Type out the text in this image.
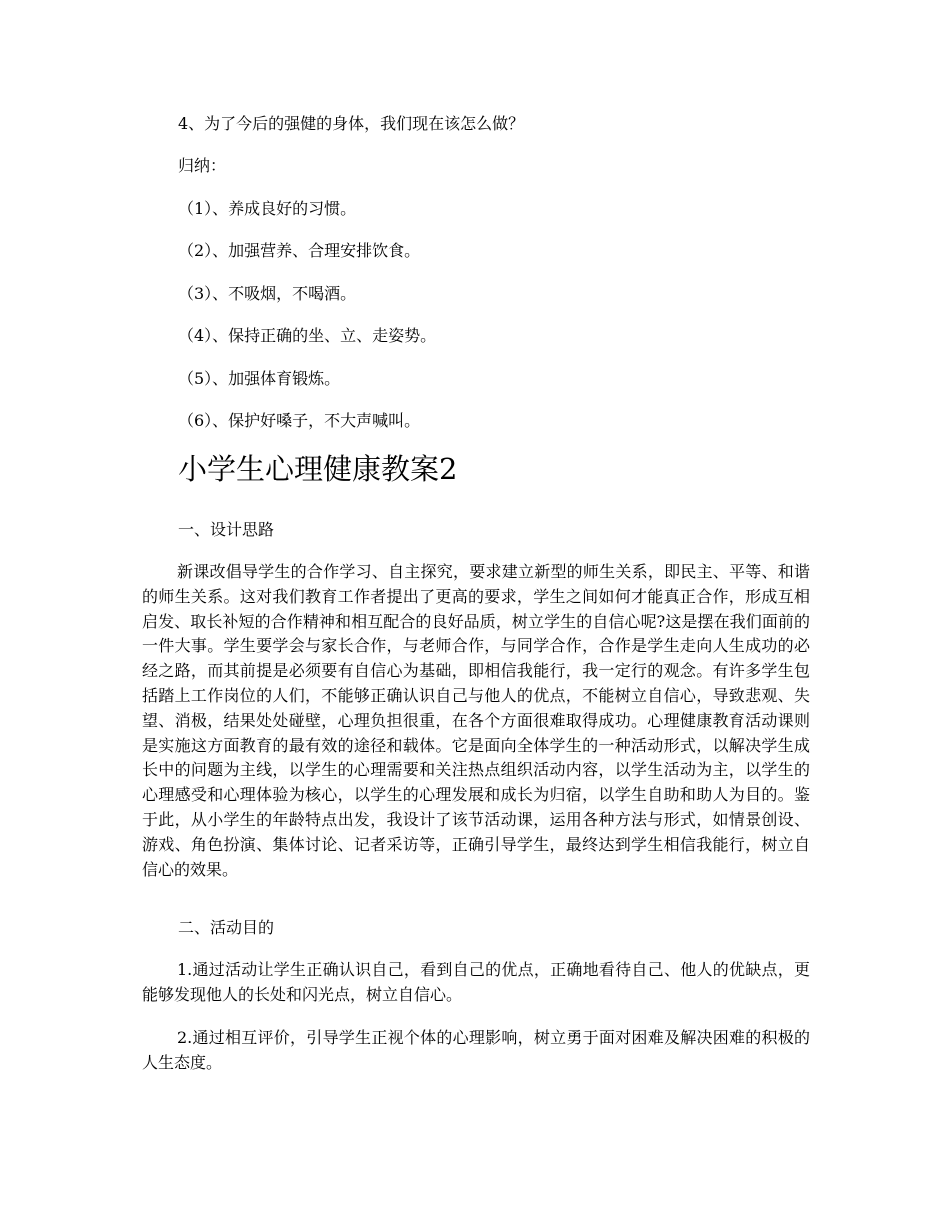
4、为了今后的强健的身体，我们现在该怎么做？
归纳：
（1）、养成良好的习惯。
（2）、加强营养、合理安排饮食。
（3）、不吸烟，不喝酒。
（4）、保持正确的坐、立、走姿势。
（5）、加强体育锻炼。
（6）、保护好嗓子，不大声喊叫。
小学生心理健康教案2
一、设计思路

新课改倡导学生的合作学习、自主探究，要求建立新型的师生关系，即民主、平等、和谐的师生关系。这对我们教育工作者提出了更高的要求，学生之间如何才能真正合作，形成互相启发、取长补短的合作精神和相互配合的良好品质，树立学生的自信心呢?这是摆在我们面前的一件大事。学生要学会与家长合作，与老师合作，与同学合作，合作是学生走向人生成功的必经之路，而其前提是必须要有自信心为基础，即相信我能行，我一定行的观念。有许多学生包括踏上工作岗位的人们，不能够正确认识自己与他人的优点，不能树立自信心，导致悲观、失望、消极，结果处处碰壁，心理负担很重，在各个方面很难取得成功。心理健康教育活动课则是实施这方面教育的最有效的途径和载体。它是面向全体学生的一种活动形式，以解决学生成长中的问题为主线，以学生的心理需要和关注热点组织活动内容，以学生活动为主，以学生的心理感受和心理体验为核心，以学生的心理发展和成长为归宿，以学生自助和助人为目的。鉴于此，从小学生的年龄特点出发，我设计了该节活动课，运用各种方法与形式，如情景创设、游戏、角色扮演、集体讨论、记者采访等，正确引导学生，最终达到学生相信我能行，树立自信心的效果。

二、活动目的

1.通过活动让学生正确认识自己，看到自己的优点，正确地看待自己、他人的优缺点，更能够发现他人的长处和闪光点，树立自信心。

2.通过相互评价，引导学生正视个体的心理影响，树立勇于面对困难及解决困难的积极的人生态度。
